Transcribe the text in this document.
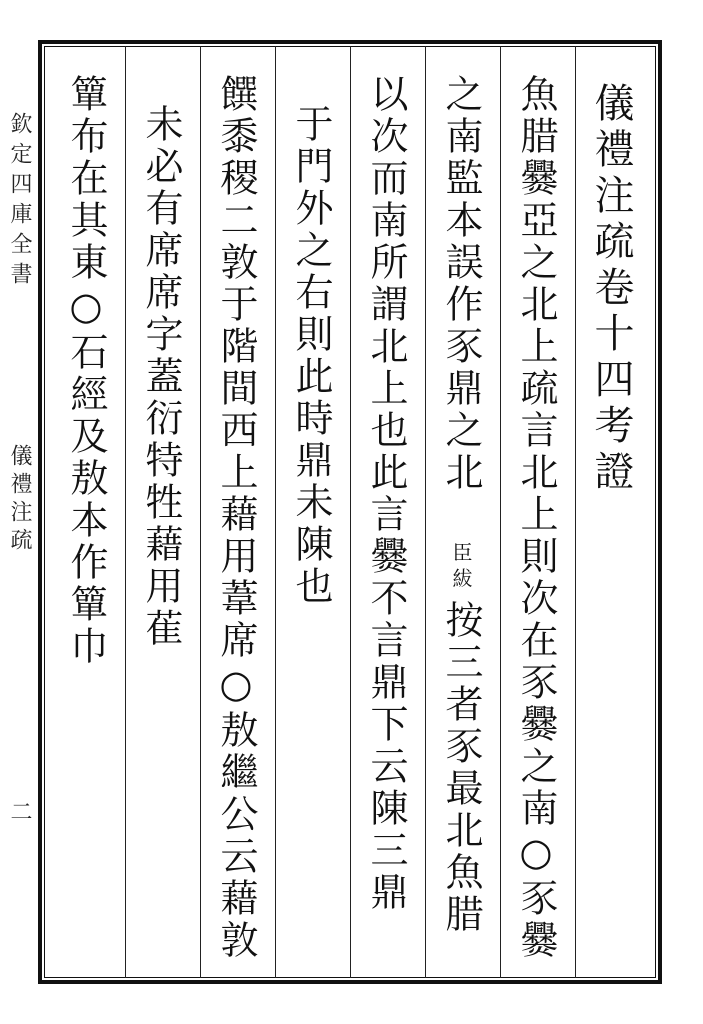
欽定四庫全書
儀禮注疏
二
儀禮注疏卷十四考證
魚腊爨亞之北上疏言北上則次在豕爨之南○豕爨
之南監本誤作豕鼎之北
臣紱
按三者豕最北魚腊
以次而南所謂北上也此言爨不言鼎下云陳三鼎
于門外之右則此時鼎未陳也
饌黍稷二敦于階間西上藉用葦席○敖繼公云藉敦
未必有席席字蓋衍特牲藉用萑
簞布在其東○石經及敖本作簞巾
